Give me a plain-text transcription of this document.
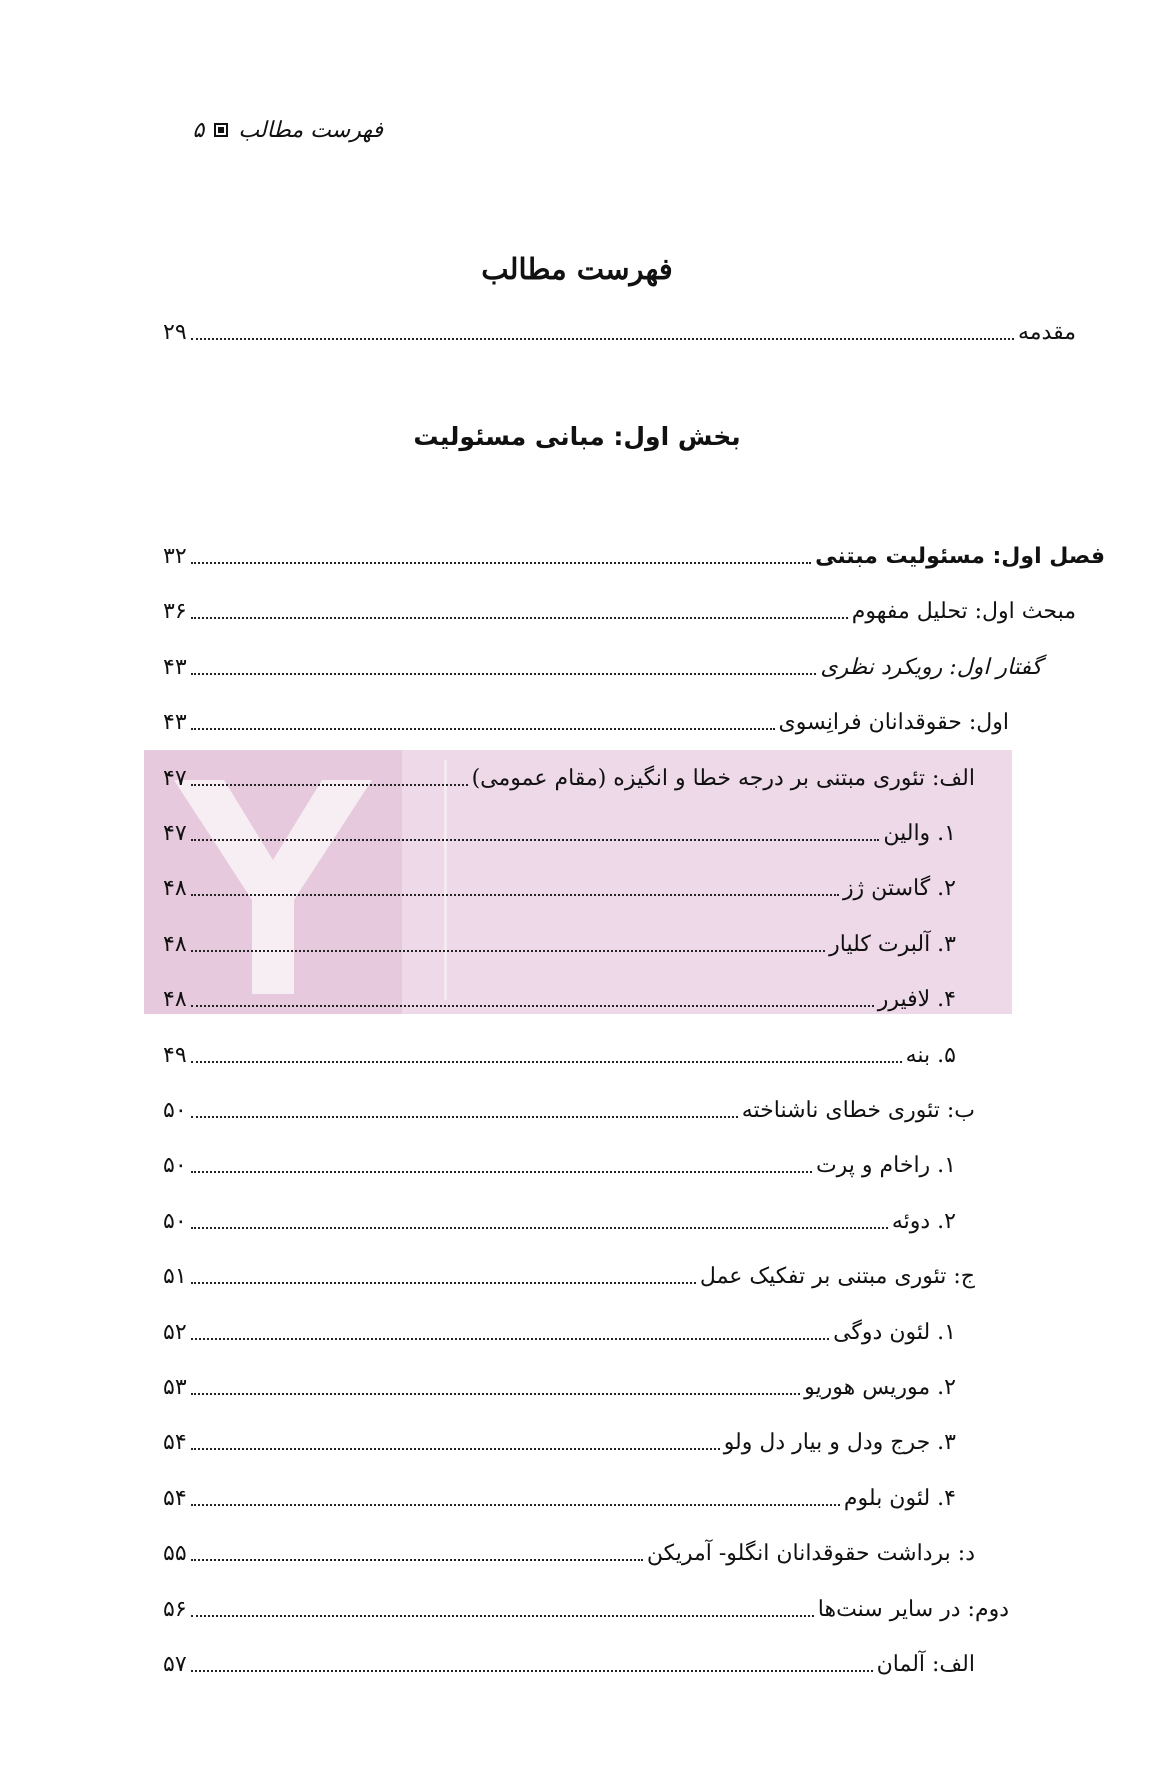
فهرست مطالب
۵
فهرست مطالب
مقدمه
۲۹
بخش اول: مبانی مسئولیت
فصل اول: مسئولیت مبتنی
۳۲
مبحث اول: تحلیل مفهوم
۳۶
گفتار اول: رویکرد نظری
۴۳
اول: حقوقدانان فرانِسوی
۴۳
الف: تئوری مبتنی بر درجه خطا و انگیزه (مقام عمومی)
۴۷
۱. والین
۴۷
۲. گاستن ژز
۴۸
۳. آلبرت کلیار
۴۸
۴. لافیرر
۴۸
۵. بنه
۴۹
ب: تئوری خطای ناشناخته
۵۰
۱. راخام و پرت
۵۰
۲. دوئه
۵۰
ج: تئوری مبتنی بر تفکیک عمل
۵۱
۱. لئون دوگی
۵۲
۲. موریس هوریو
۵۳
۳. جرج ودل و بیار دل ولو
۵۴
۴. لئون بلوم
۵۴
د: برداشت حقوقدانان انگلو- آمریکن
۵۵
دوم: در سایر سنت‌ها
۵۶
الف: آلمان
۵۷
